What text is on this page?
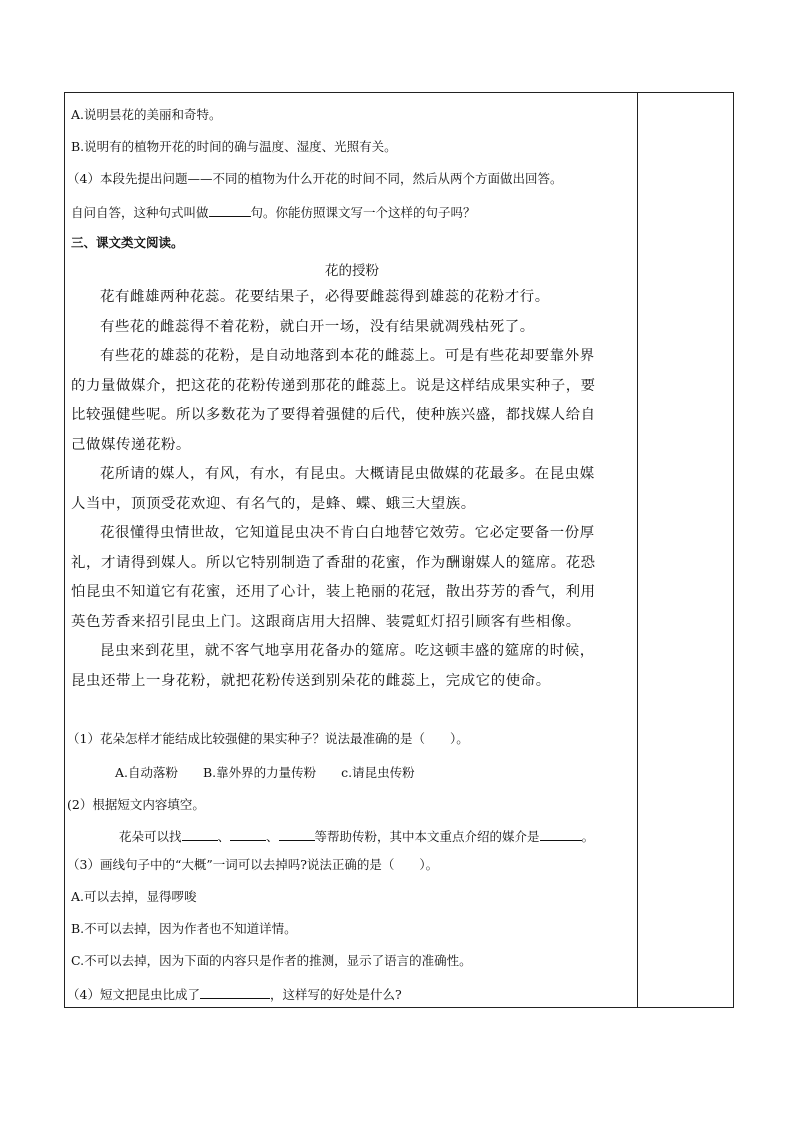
A.说明昙花的美丽和奇特。
B.说明有的植物开花的时间的确与温度、湿度、光照有关。
（4）本段先提出问题——不同的植物为什么开花的时间不同，然后从两个方面做出回答。
自问自答，这种句式叫做	句。你能仿照课文写一个这样的句子吗？
三、课文类文阅读。
花的授粉
花有雌雄两种花蕊。花要结果子，必得要雌蕊得到雄蕊的花粉才行。
有些花的雌蕊得不着花粉，就白开一场，没有结果就凋残枯死了。
有些花的雄蕊的花粉，是自动地落到本花的雌蕊上。可是有些花却要靠外界
的力量做媒介，把这花的花粉传递到那花的雌蕊上。说是这样结成果实种子，要
比较强健些呢。所以多数花为了要得着强健的后代，使种族兴盛，都找媒人给自
己做媒传递花粉。
花所请的媒人，有风，有水，有昆虫。大概请昆虫做媒的花最多。在昆虫媒
人当中，顶顶受花欢迎、有名气的，是蜂、蝶、蛾三大望族。
花很懂得虫情世故，它知道昆虫决不肯白白地替它效劳。它必定要备一份厚
礼，才请得到媒人。所以它特别制造了香甜的花蜜，作为酬谢媒人的筵席。花恐
怕昆虫不知道它有花蜜，还用了心计，装上艳丽的花冠，散出芬芳的香气，利用
英色芳香来招引昆虫上门。这跟商店用大招牌、装霓虹灯招引顾客有些相像。
昆虫来到花里，就不客气地享用花备办的筵席。吃这顿丰盛的筵席的时候，
昆虫还带上一身花粉，就把花粉传送到别朵花的雌蕊上，完成它的使命。
（1）花朵怎样才能结成比较强健的果实种子？说法最准确的是（　　）。
A.自动落粉　　B.靠外界的力量传粉　　c.请昆虫传粉
(2）根据短文内容填空。
花朵可以找	、	、	等帮助传粉，其中本文重点介绍的媒介是	。
（3）画线句子中的“大概”一词可以去掉吗?说法正确的是（　　）。
A.可以去掉，显得啰唆
B.不可以去掉，因为作者也不知道详情。
C.不可以去掉，因为下面的内容只是作者的推测，显示了语言的准确性。
（4）短文把昆虫比成了	，这样写的好处是什么?
